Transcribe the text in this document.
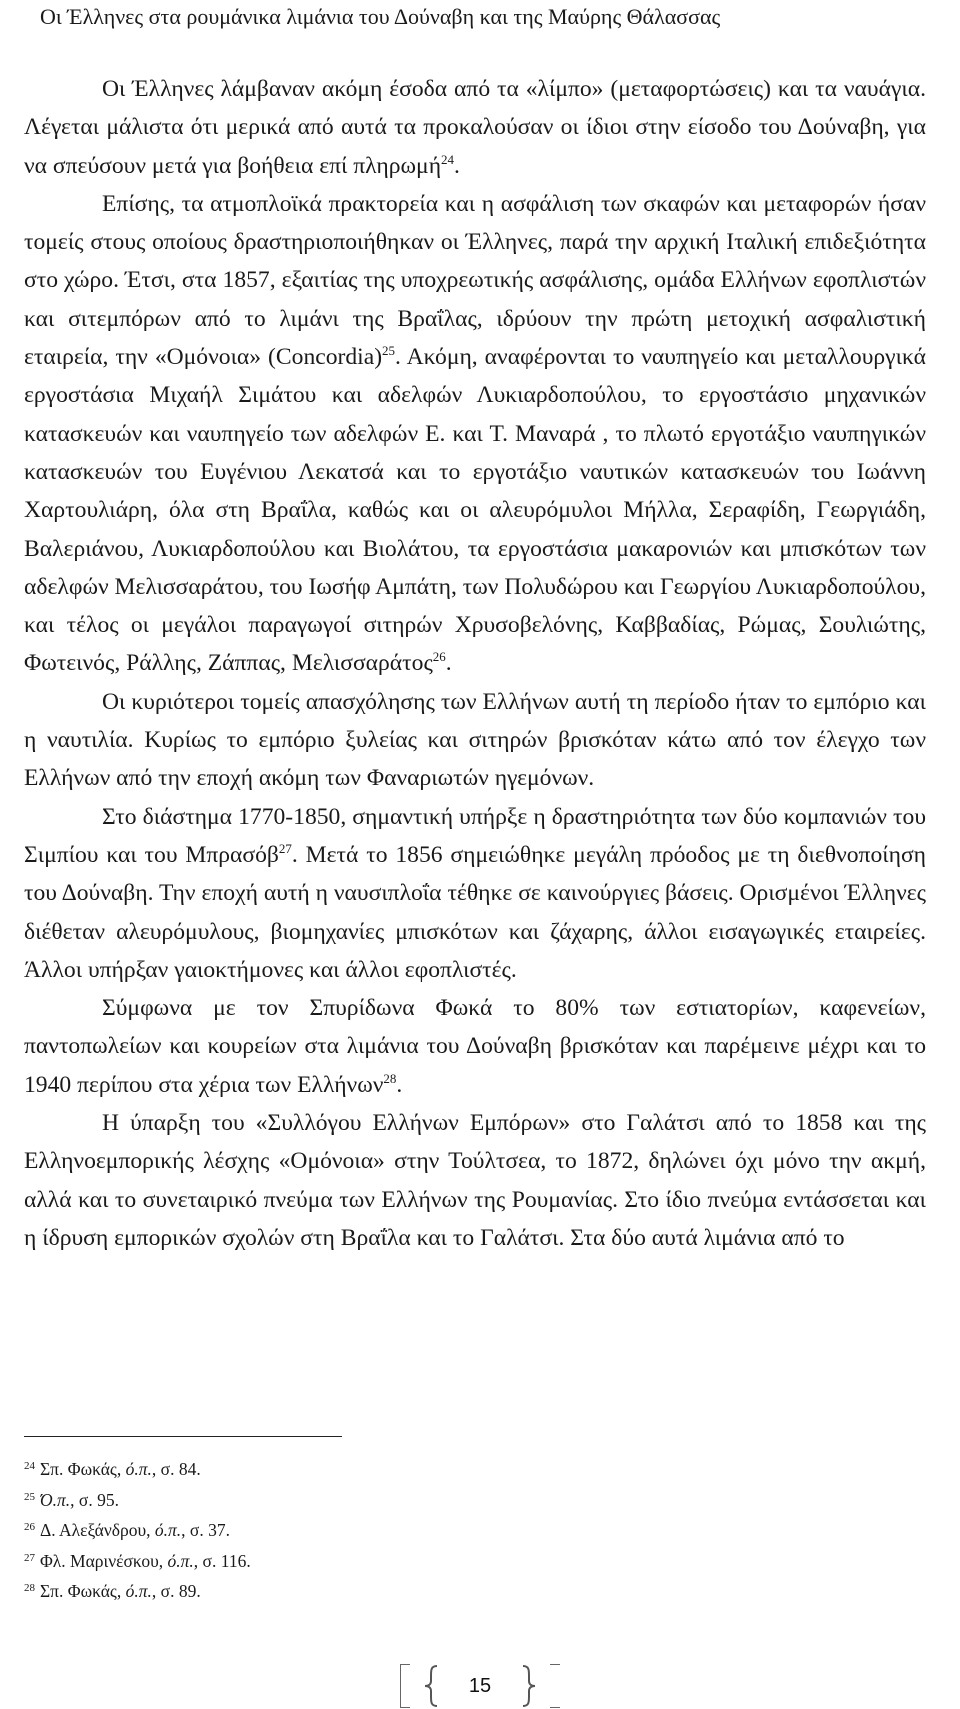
Οι Έλληνες στα ρουμάνικα λιμάνια του Δούναβη και της Μαύρης Θάλασσας

Οι Έλληνες λάμβαναν ακόμη έσοδα από τα «λίμπο» (μεταφορτώσεις) και τα ναυάγια. Λέγεται μάλιστα ότι μερικά από αυτά τα προκαλούσαν οι ίδιοι στην είσοδο του Δούναβη, για να σπεύσουν μετά για βοήθεια επί πληρωμή$^{24}$.

Επίσης, τα ατμοπλοϊκά πρακτορεία και η ασφάλιση των σκαφών και μεταφορών ήσαν τομείς στους οποίους δραστηριοποιήθηκαν οι Έλληνες, παρά την αρχική Ιταλική επιδεξιότητα στο χώρο. Έτσι, στα 1857, εξαιτίας της υποχρεωτικής ασφάλισης, ομάδα Ελλήνων εφοπλιστών και σιτεμπόρων από το λιμάνι της Βραΐλας, ιδρύουν την πρώτη μετοχική ασφαλιστική εταιρεία, την «Ομόνοια» (Concordia)$^{25}$. Ακόμη, αναφέρονται το ναυπηγείο και μεταλλουργικά εργοστάσια Μιχαήλ Σιμάτου και αδελφών Λυκιαρδοπούλου, το εργοστάσιο μηχανικών κατασκευών και ναυπηγείο των αδελφών Ε. και Τ. Μαναρά , το πλωτό εργοτάξιο ναυπηγικών κατασκευών του Ευγένιου Λεκατσά και το εργοτάξιο ναυτικών κατασκευών του Ιωάννη Χαρτουλιάρη, όλα στη Βραΐλα, καθώς και οι αλευρόμυλοι Μήλλα, Σεραφίδη, Γεωργιάδη, Βαλεριάνου, Λυκιαρδοπούλου και Βιολάτου, τα εργοστάσια μακαρονιών και μπισκότων των αδελφών Μελισσαράτου, του Ιωσήφ Αμπάτη, των Πολυδώρου και Γεωργίου Λυκιαρδοπούλου, και τέλος οι μεγάλοι παραγωγοί σιτηρών Χρυσοβελόνης, Καββαδίας, Ρώμας, Σουλιώτης, Φωτεινός, Ράλλης, Ζάππας, Μελισσαράτος$^{26}$.

Οι κυριότεροι τομείς απασχόλησης των Ελλήνων αυτή τη περίοδο ήταν το εμπόριο και η ναυτιλία. Κυρίως το εμπόριο ξυλείας και σιτηρών βρισκόταν κάτω από τον έλεγχο των Ελλήνων από την εποχή ακόμη των Φαναριωτών ηγεμόνων.

Στο διάστημα 1770-1850, σημαντική υπήρξε η δραστηριότητα των δύο κομπανιών του Σιμπίου και του Μπρασόβ$^{27}$. Μετά το 1856 σημειώθηκε μεγάλη πρόοδος με τη διεθνοποίηση του Δούναβη. Την εποχή αυτή η ναυσιπλοΐα τέθηκε σε καινούργιες βάσεις. Ορισμένοι Έλληνες διέθεταν αλευρόμυλους, βιομηχανίες μπισκότων και ζάχαρης, άλλοι εισαγωγικές εταιρείες. Άλλοι υπήρξαν γαιοκτήμονες και άλλοι εφοπλιστές.

Σύμφωνα με τον Σπυρίδωνα Φωκά το 80% των εστιατορίων, καφενείων, παντοπωλείων και κουρείων στα λιμάνια του Δούναβη βρισκόταν και παρέμεινε μέχρι και το 1940 περίπου στα χέρια των Ελλήνων$^{28}$.

Η ύπαρξη του «Συλλόγου Ελλήνων Εμπόρων» στο Γαλάτσι από το 1858 και της Ελληνοεμπορικής λέσχης «Ομόνοια» στην Τούλτσεα, το 1872, δηλώνει όχι μόνο την ακμή, αλλά και το συνεταιρικό πνεύμα των Ελλήνων της Ρουμανίας. Στο ίδιο πνεύμα εντάσσεται και η ίδρυση εμπορικών σχολών στη Βραΐλα και το Γαλάτσι. Στα δύο αυτά λιμάνια από το

$^{24}$ Σπ. Φωκάς, ό.π., σ. 84.
$^{25}$ Ό.π., σ. 95.
$^{26}$ Δ. Αλεξάνδρου, ό.π., σ. 37.
$^{27}$ Φλ. Μαρινέσκου, ό.π., σ. 116.
$^{28}$ Σπ. Φωκάς, ό.π., σ. 89.
15
